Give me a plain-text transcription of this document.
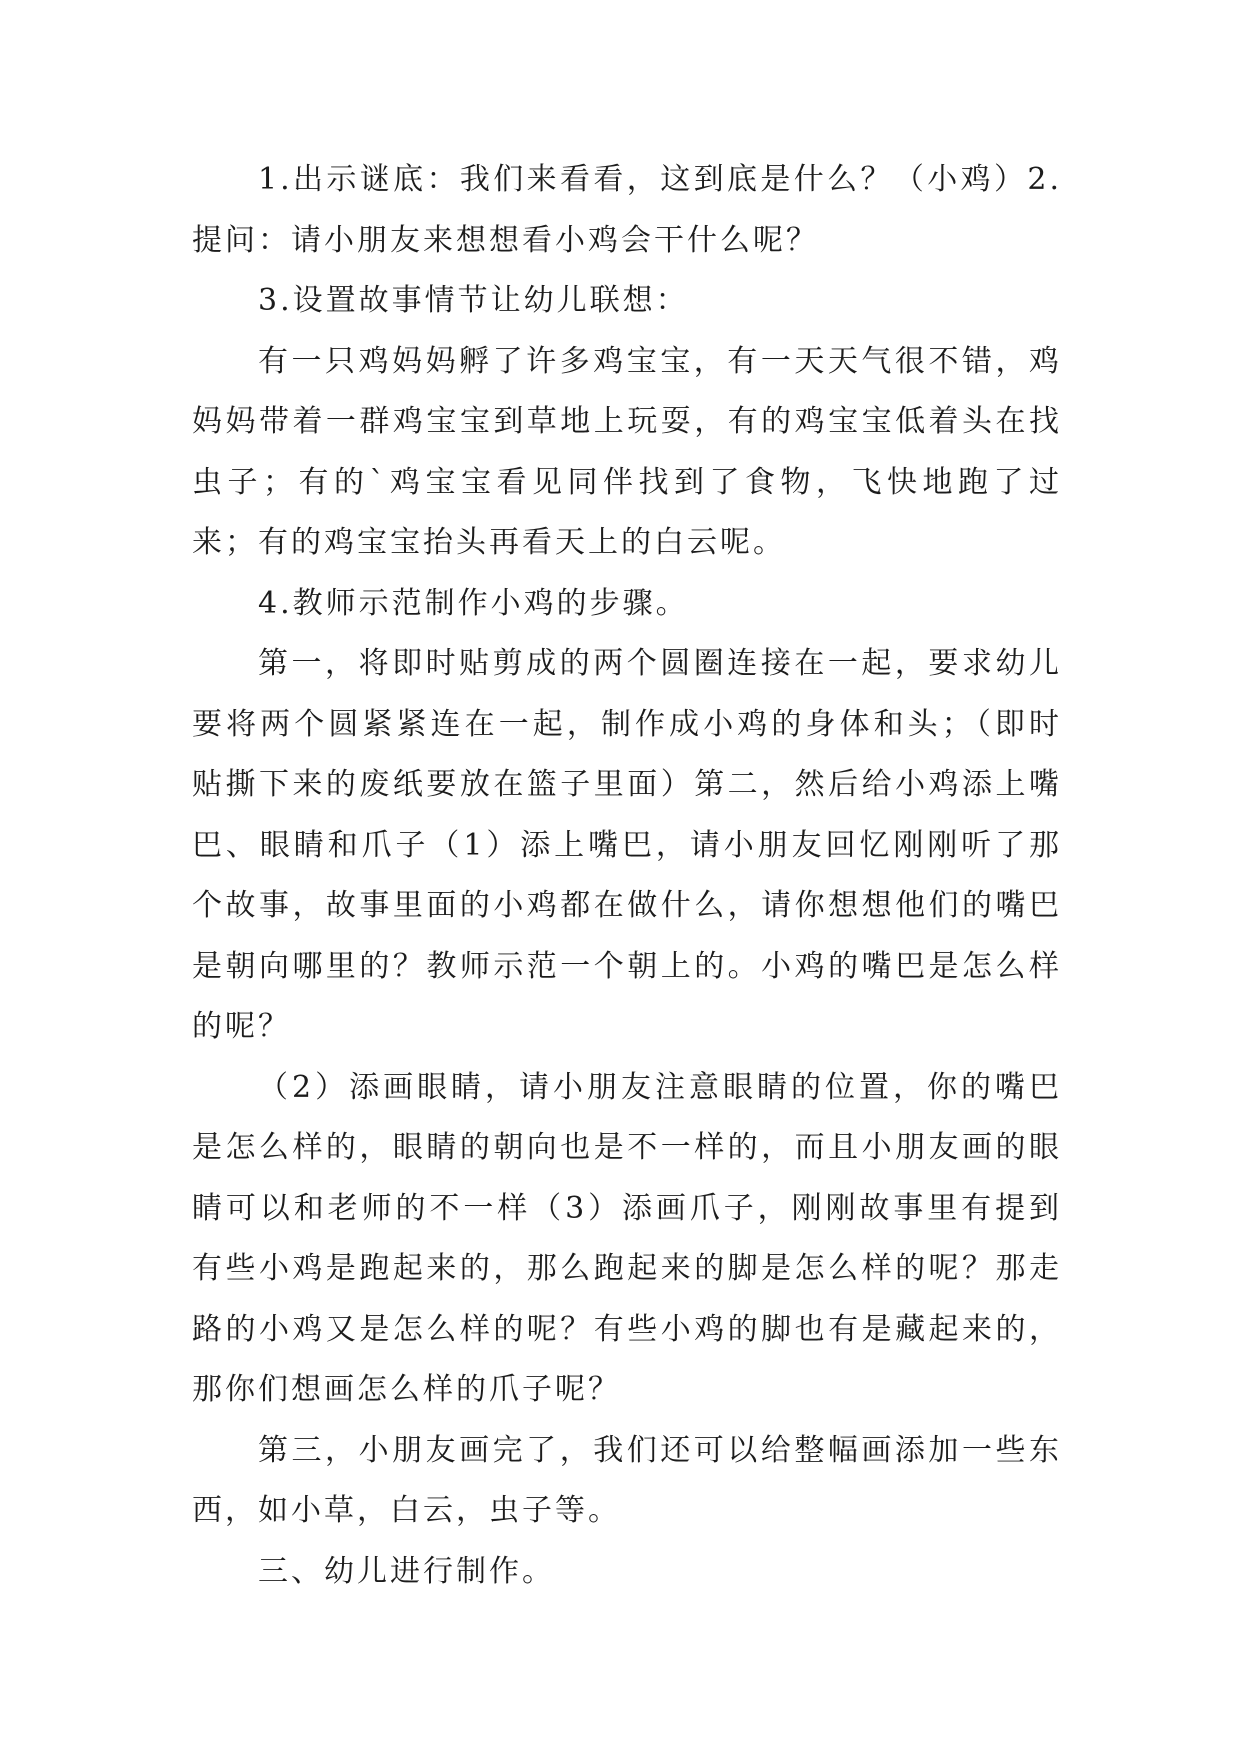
1.出示谜底：我们来看看，这到底是什么？（小鸡）2.提问：请小朋友来想想看小鸡会干什么呢？

3.设置故事情节让幼儿联想：

有一只鸡妈妈孵了许多鸡宝宝，有一天天气很不错，鸡妈妈带着一群鸡宝宝到草地上玩耍，有的鸡宝宝低着头在找虫子；有的`鸡宝宝看见同伴找到了食物，飞快地跑了过来；有的鸡宝宝抬头再看天上的白云呢。

4.教师示范制作小鸡的步骤。

第一，将即时贴剪成的两个圆圈连接在一起，要求幼儿要将两个圆紧紧连在一起，制作成小鸡的身体和头；（即时贴撕下来的废纸要放在篮子里面）第二，然后给小鸡添上嘴巴、眼睛和爪子（1）添上嘴巴，请小朋友回忆刚刚听了那个故事，故事里面的小鸡都在做什么，请你想想他们的嘴巴是朝向哪里的？教师示范一个朝上的。小鸡的嘴巴是怎么样的呢？

（2）添画眼睛，请小朋友注意眼睛的位置，你的嘴巴是怎么样的，眼睛的朝向也是不一样的，而且小朋友画的眼睛可以和老师的不一样（3）添画爪子，刚刚故事里有提到有些小鸡是跑起来的，那么跑起来的脚是怎么样的呢？那走路的小鸡又是怎么样的呢？有些小鸡的脚也有是藏起来的，那你们想画怎么样的爪子呢？

第三，小朋友画完了，我们还可以给整幅画添加一些东西，如小草，白云，虫子等。

三、幼儿进行制作。
